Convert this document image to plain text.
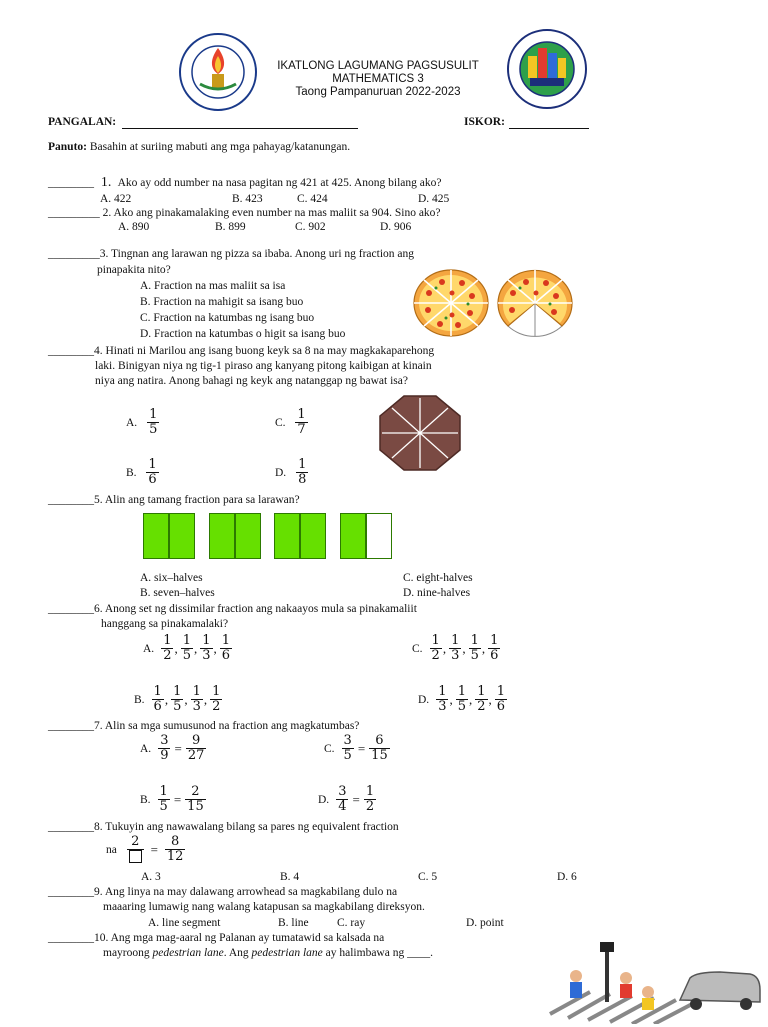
IKATLONG LAGUMANG PAGSUSULIT
MATHEMATICS 3
Taong Pampanuruan 2022-2023
PANGALAN:	ISKOR:
Panuto: Basahin at suriing mabuti ang mga pahayag/katanungan.
________ 1. Ako ay odd number na nasa pagitan ng 421 at 425. Anong bilang ako?
A. 422	B. 423	C. 424	D. 425
_________ 2. Ako ang pinakamalaking even number na mas maliit sa 904. Sino ako?
A. 890	B. 899	C. 902	D. 906
_________3. Tingnan ang larawan ng pizza sa ibaba. Anong uri ng fraction ang
pinapakita nito?
A. Fraction na mas maliit sa isa
B. Fraction na mahigit sa isang buo
C. Fraction na katumbas ng isang buo
D. Fraction na katumbas o higit sa isang buo
________4. Hinati ni Marilou ang isang buong keyk sa 8 na may magkakaparehong
laki. Binigyan niya ng tig-1 piraso ang kanyang pitong kaibigan at kinain
niya ang natira. Anong bahagi ng keyk ang natanggap ng bawat isa?
A. $\frac{1}{5}$	C. $\frac{1}{7}$
B. $\frac{1}{6}$	D. $\frac{1}{8}$
________5. Alin ang tamang fraction para sa larawan?
A. six–halves
B. seven–halves
C. eight-halves
D. nine-halves
________6. Anong set ng dissimilar fraction ang nakaayos mula sa pinakamaliit
hanggang sa pinakamalaki?
A. $\frac{1}{2}$ , $\frac{1}{5}$ , $\frac{1}{3}$ , $\frac{1}{6}$	C. $\frac{1}{2}$ , $\frac{1}{3}$ , $\frac{1}{5}$ , $\frac{1}{6}$
B. $\frac{1}{6}$ , $\frac{1}{5}$ , $\frac{1}{3}$ , $\frac{1}{2}$	D. $\frac{1}{3}$ , $\frac{1}{5}$ , $\frac{1}{2}$ , $\frac{1}{6}$
________7. Alin sa mga sumusunod na fraction ang magkatumbas?
A. $\frac{3}{9} = \frac{9}{27}$	C. $\frac{3}{5} = \frac{6}{15}$
B. $\frac{1}{5} = \frac{2}{15}$	D. $\frac{3}{4} = \frac{1}{2}$
________8. Tukuyin ang nawawalang bilang sa pares ng equivalent fraction
na
$2 = \frac{8}{12}$
A. 3	B. 4	C. 5	D. 6
________9. Ang linya na may dalawang arrowhead sa magkabilang dulo na
maaaring lumawig nang walang katapusan sa magkabilang direksyon.
A. line segment	B. line C. ray	D. point
________10. Ang mga mag-aaral ng Palanan ay tumatawid sa kalsada na
mayroong pedestrian lane. Ang pedestrian lane ay halimbawa ng ____.
